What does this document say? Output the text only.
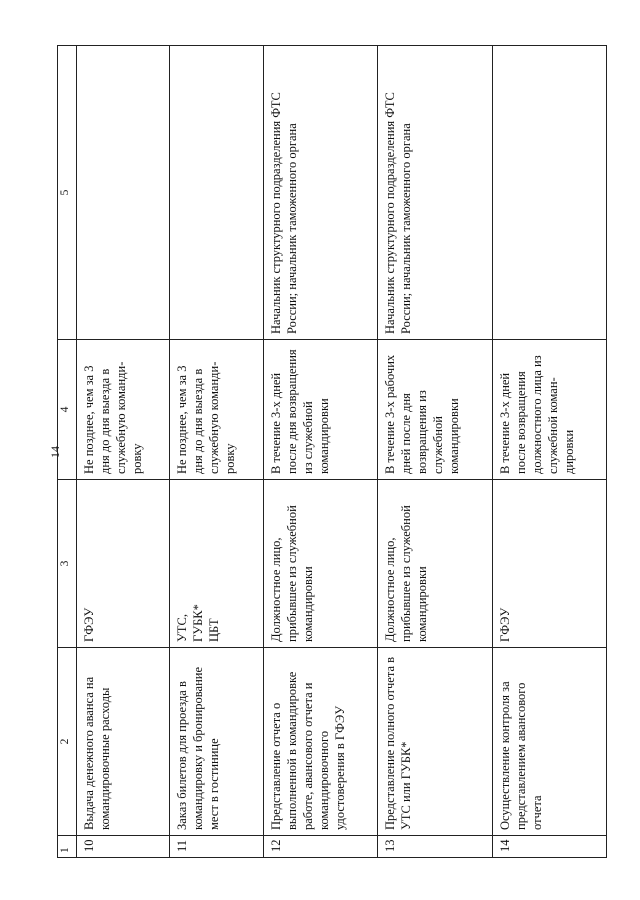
14
1	2	3	4	5
10	Выдача денежного аванса на командировочные расходы	ГФЭУ	Не позднее, чем за 3 дня до дня выезда в служебную команди-ровку	
11	Заказ билетов для проезда в командировку и бронирование мест в гостинице	УТС,
ГУБК*
ЦБТ	Не позднее, чем за 3 дня до дня выезда в служебную команди-ровку	
12	Представление отчета о выполненной в командировке работе, авансового отчета и командировочного удостоверения в ГФЭУ	Должностное лицо, прибывшее из служебной командировки	В течение 3-х дней после дня возвращения из служебной командировки	Начальник структурного подразделения ФТС России; начальник таможенного органа
13	Представление полного отчета в УТС или ГУБК*	Должностное лицо, прибывшее из служебной командировки	В течение 3-х рабочих дней после дня возвращения из служебной командировки	Начальник структурного подразделения ФТС России; начальник таможенного органа
14	Осуществление контроля за представлением авансового отчета	ГФЭУ	В течение 3-х дней после возвращения должностного лица из служебной коман-дировки	
